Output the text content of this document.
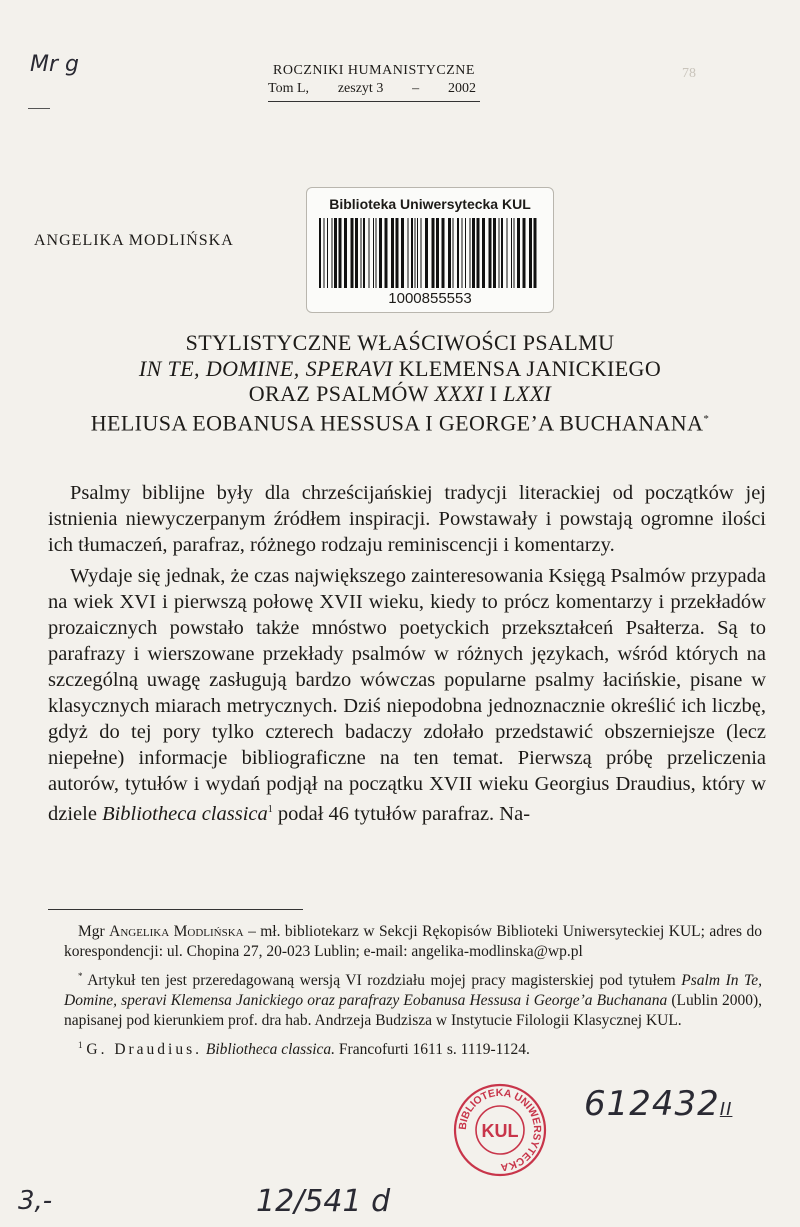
Mr g	78
ROCZNIKI HUMANISTYCZNE
Tom L, zeszyt 3 – 2002
Biblioteka Uniwersytecka KUL
1000855553
ANGELIKA MODLIŃSKA
STYLISTYCZNE WŁAŚCIWOŚCI PSALMU
IN TE, DOMINE, SPERAVI KLEMENSA JANICKIEGO
ORAZ PSALMÓW XXXI I LXXI
HELIUSA EOBANUSA HESSUSA I GEORGE’A BUCHANANA*

Psalmy biblijne były dla chrześcijańskiej tradycji literackiej od początków jej istnienia niewyczerpanym źródłem inspiracji. Powstawały i powstają ogromne ilości ich tłumaczeń, parafraz, różnego rodzaju reminiscencji i komentarzy.

Wydaje się jednak, że czas największego zainteresowania Księgą Psalmów przypada na wiek XVI i pierwszą połowę XVII wieku, kiedy to prócz komentarzy i przekładów prozaicznych powstało także mnóstwo poetyckich przekształceń Psałterza. Są to parafrazy i wierszowane przekłady psalmów w różnych językach, wśród których na szczególną uwagę zasługują bardzo wówczas popularne psalmy łacińskie, pisane w klasycznych miarach metrycznych. Dziś niepodobna jednoznacznie określić ich liczbę, gdyż do tej pory tylko czterech badaczy zdołało przedstawić obszerniejsze (lecz niepełne) informacje bibliograficzne na ten temat. Pierwszą próbę przeliczenia autorów, tytułów i wydań podjął na początku XVII wieku Georgius Draudius, który w dziele Bibliotheca classica$^1$ podał 46 tytułów parafraz. Na-

Mgr Angelika Modlińska – mł. bibliotekarz w Sekcji Rękopisów Biblioteki Uniwersyteckiej KUL; adres do korespondencji: ul. Chopina 27, 20-023 Lublin; e-mail: angelika-modlinska@wp.pl

* Artykuł ten jest przeredagowaną wersją VI rozdziału mojej pracy magisterskiej pod tytułem Psalm In Te, Domine, speravi Klemensa Janickiego oraz parafrazy Eobanusa Hessusa i George’a Buchanana (Lublin 2000), napisanej pod kierunkiem prof. dra hab. Andrzeja Budzisza w Instytucie Filologii Klasycznej KUL.

$^1$ G. Draudius. Bibliotheca classica. Francofurti 1611 s. 1119-1124.

612432II
BIBLIOTEKA UNIWERSYTECKA
KUL
3,-	12/541 d
